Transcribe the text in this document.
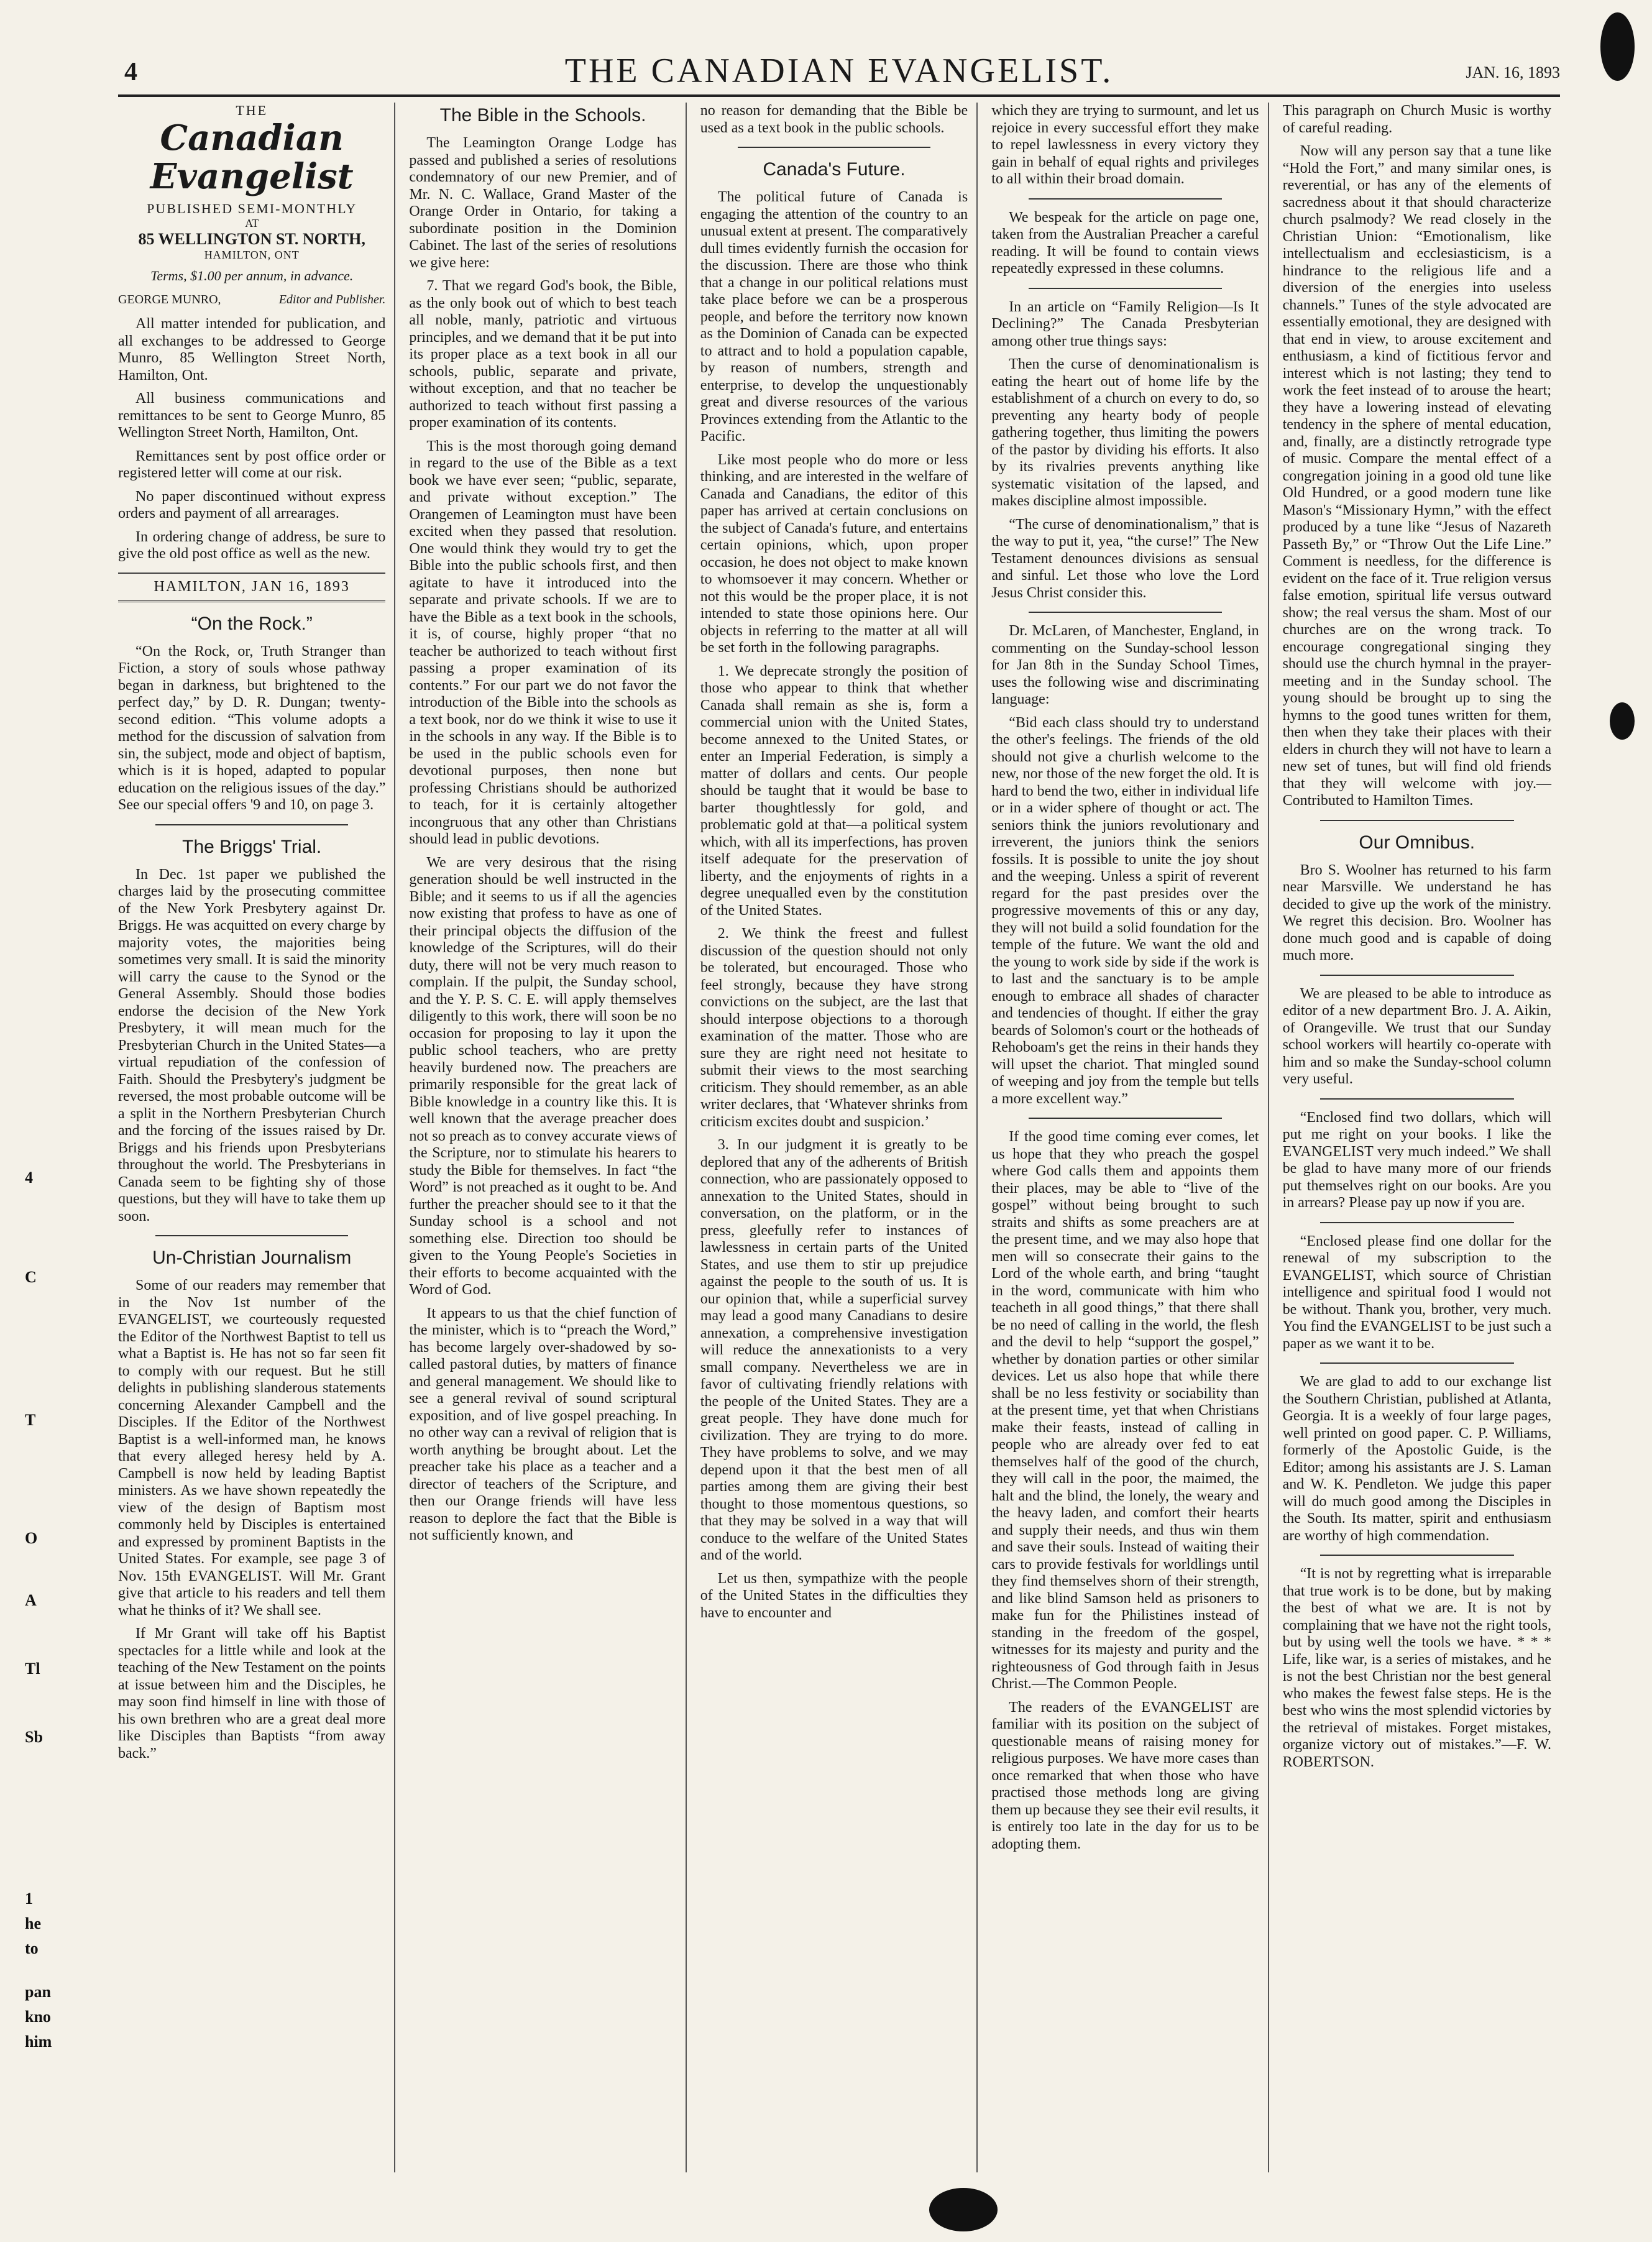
4
C
T
O
A
Tl
Sb
1
he
to
pan
kno
him
4	THE CANADIAN EVANGELIST.	JAN. 16, 1893
THE
Canadian Evangelist
PUBLISHED SEMI-MONTHLY
AT
85 WELLINGTON ST. NORTH,
HAMILTON, ONT
Terms, $1.00 per annum, in advance.
GEORGE MUNRO,	Editor and Publisher.

All matter intended for publication, and all exchanges to be addressed to George Munro, 85 Wellington Street North, Hamilton, Ont.

All business communications and remittances to be sent to George Munro, 85 Wellington Street North, Hamilton, Ont.

Remittances sent by post office order or registered letter will come at our risk.

No paper discontinued without express orders and payment of all arrearages.

In ordering change of address, be sure to give the old post office as well as the new.

HAMILTON, JAN 16, 1893
“On the Rock.”

“On the Rock, or, Truth Stranger than Fiction, a story of souls whose pathway began in darkness, but brightened to the perfect day,” by D. R. Dungan; twenty-second edition. “This volume adopts a method for the discussion of salvation from sin, the subject, mode and object of baptism, which is it is hoped, adapted to popular education on the religious issues of the day.” See our special offers '9 and 10, on page 3.

The Briggs' Trial.

In Dec. 1st paper we published the charges laid by the prosecuting committee of the New York Presbytery against Dr. Briggs. He was acquitted on every charge by majority votes, the majorities being sometimes very small. It is said the minority will carry the cause to the Synod or the General Assembly. Should those bodies endorse the decision of the New York Presbytery, it will mean much for the Presbyterian Church in the United States—a virtual repudiation of the confession of Faith. Should the Presbytery's judgment be reversed, the most probable outcome will be a split in the Northern Presbyterian Church and the forcing of the issues raised by Dr. Briggs and his friends upon Presbyterians throughout the world. The Presbyterians in Canada seem to be fighting shy of those questions, but they will have to take them up soon.

Un-Christian Journalism

Some of our readers may remember that in the Nov 1st number of the EVANGELIST, we courteously requested the Editor of the Northwest Baptist to tell us what a Baptist is. He has not so far seen fit to comply with our request. But he still delights in publishing slanderous statements concerning Alexander Campbell and the Disciples. If the Editor of the Northwest Baptist is a well-informed man, he knows that every alleged heresy held by A. Campbell is now held by leading Baptist ministers. As we have shown repeatedly the view of the design of Baptism most commonly held by Disciples is entertained and expressed by prominent Baptists in the United States. For example, see page 3 of Nov. 15th EVANGELIST. Will Mr. Grant give that article to his readers and tell them what he thinks of it? We shall see.

If Mr Grant will take off his Baptist spectacles for a little while and look at the teaching of the New Testament on the points at issue between him and the Disciples, he may soon find himself in line with those of his own brethren who are a great deal more like Disciples than Baptists “from away back.”

The Bible in the Schools.

The Leamington Orange Lodge has passed and published a series of resolutions condemnatory of our new Premier, and of Mr. N. C. Wallace, Grand Master of the Orange Order in Ontario, for taking a subordinate position in the Dominion Cabinet. The last of the series of resolutions we give here:

7. That we regard God's book, the Bible, as the only book out of which to best teach all noble, manly, patriotic and virtuous principles, and we demand that it be put into its proper place as a text book in all our schools, public, separate and private, without exception, and that no teacher be authorized to teach without first passing a proper examination of its contents.

This is the most thorough going demand in regard to the use of the Bible as a text book we have ever seen; “public, separate, and private without exception.” The Orangemen of Leamington must have been excited when they passed that resolution. One would think they would try to get the Bible into the public schools first, and then agitate to have it introduced into the separate and private schools. If we are to have the Bible as a text book in the schools, it is, of course, highly proper “that no teacher be authorized to teach without first passing a proper examination of its contents.” For our part we do not favor the introduction of the Bible into the schools as a text book, nor do we think it wise to use it in the schools in any way. If the Bible is to be used in the public schools even for devotional purposes, then none but professing Christians should be authorized to teach, for it is certainly altogether incongruous that any other than Christians should lead in public devotions.

We are very desirous that the rising generation should be well instructed in the Bible; and it seems to us if all the agencies now existing that profess to have as one of their principal objects the diffusion of the knowledge of the Scriptures, will do their duty, there will not be very much reason to complain. If the pulpit, the Sunday school, and the Y. P. S. C. E. will apply themselves diligently to this work, there will soon be no occasion for proposing to lay it upon the public school teachers, who are pretty heavily burdened now. The preachers are primarily responsible for the great lack of Bible knowledge in a country like this. It is well known that the average preacher does not so preach as to convey accurate views of the Scripture, nor to stimulate his hearers to study the Bible for themselves. In fact “the Word” is not preached as it ought to be. And further the preacher should see to it that the Sunday school is a school and not something else. Direction too should be given to the Young People's Societies in their efforts to become acquainted with the Word of God.

It appears to us that the chief function of the minister, which is to “preach the Word,” has become largely over-shadowed by so-called pastoral duties, by matters of finance and general management. We should like to see a general revival of sound scriptural exposition, and of live gospel preaching. In no other way can a revival of religion that is worth anything be brought about. Let the preacher take his place as a teacher and a director of teachers of the Scripture, and then our Orange friends will have less reason to deplore the fact that the Bible is not sufficiently known, and

no reason for demanding that the Bible be used as a text book in the public schools.

Canada's Future.

The political future of Canada is engaging the attention of the country to an unusual extent at present. The comparatively dull times evidently furnish the occasion for the discussion. There are those who think that a change in our political relations must take place before we can be a prosperous people, and before the territory now known as the Dominion of Canada can be expected to attract and to hold a population capable, by reason of numbers, strength and enterprise, to develop the unquestionably great and diverse resources of the various Provinces extending from the Atlantic to the Pacific.

Like most people who do more or less thinking, and are interested in the welfare of Canada and Canadians, the editor of this paper has arrived at certain conclusions on the subject of Canada's future, and entertains certain opinions, which, upon proper occasion, he does not object to make known to whomsoever it may concern. Whether or not this would be the proper place, it is not intended to state those opinions here. Our objects in referring to the matter at all will be set forth in the following paragraphs.

1. We deprecate strongly the position of those who appear to think that whether Canada shall remain as she is, form a commercial union with the United States, become annexed to the United States, or enter an Imperial Federation, is simply a matter of dollars and cents. Our people should be taught that it would be base to barter thoughtlessly for gold, and problematic gold at that—a political system which, with all its imperfections, has proven itself adequate for the preservation of liberty, and the enjoyments of rights in a degree unequalled even by the constitution of the United States.

2. We think the freest and fullest discussion of the question should not only be tolerated, but encouraged. Those who feel strongly, because they have strong convictions on the subject, are the last that should interpose objections to a thorough examination of the matter. Those who are sure they are right need not hesitate to submit their views to the most searching criticism. They should remember, as an able writer declares, that ‘Whatever shrinks from criticism excites doubt and suspicion.’

3. In our judgment it is greatly to be deplored that any of the adherents of British connection, who are passionately opposed to annexation to the United States, should in conversation, on the platform, or in the press, gleefully refer to instances of lawlessness in certain parts of the United States, and use them to stir up prejudice against the people to the south of us. It is our opinion that, while a superficial survey may lead a good many Canadians to desire annexation, a comprehensive investigation will reduce the annexationists to a very small company. Nevertheless we are in favor of cultivating friendly relations with the people of the United States. They are a great people. They have done much for civilization. They are trying to do more. They have problems to solve, and we may depend upon it that the best men of all parties among them are giving their best thought to those momentous questions, so that they may be solved in a way that will conduce to the welfare of the United States and of the world.

Let us then, sympathize with the people of the United States in the difficulties they have to encounter and

which they are trying to surmount, and let us rejoice in every successful effort they make to repel lawlessness in every victory they gain in behalf of equal rights and privileges to all within their broad domain.

We bespeak for the article on page one, taken from the Australian Preacher a careful reading. It will be found to contain views repeatedly expressed in these columns.

In an article on “Family Religion—Is It Declining?” The Canada Presbyterian among other true things says:

Then the curse of denominationalism is eating the heart out of home life by the establishment of a church on every to do, so preventing any hearty body of people gathering together, thus limiting the powers of the pastor by dividing his efforts. It also by its rivalries prevents anything like systematic visitation of the lapsed, and makes discipline almost impossible.

“The curse of denominationalism,” that is the way to put it, yea, “the curse!” The New Testament denounces divisions as sensual and sinful. Let those who love the Lord Jesus Christ consider this.

Dr. McLaren, of Manchester, England, in commenting on the Sunday-school lesson for Jan 8th in the Sunday School Times, uses the following wise and discriminating language:

“Bid each class should try to understand the other's feelings. The friends of the old should not give a churlish welcome to the new, nor those of the new forget the old. It is hard to bend the two, either in individual life or in a wider sphere of thought or act. The seniors think the juniors revolutionary and irreverent, the juniors think the seniors fossils. It is possible to unite the joy shout and the weeping. Unless a spirit of reverent regard for the past presides over the progressive movements of this or any day, they will not build a solid foundation for the temple of the future. We want the old and the young to work side by side if the work is to last and the sanctuary is to be ample enough to embrace all shades of character and tendencies of thought. If either the gray beards of Solomon's court or the hotheads of Rehoboam's get the reins in their hands they will upset the chariot. That mingled sound of weeping and joy from the temple but tells a more excellent way.”

If the good time coming ever comes, let us hope that they who preach the gospel where God calls them and appoints them their places, may be able to “live of the gospel” without being brought to such straits and shifts as some preachers are at the present time, and we may also hope that men will so consecrate their gains to the Lord of the whole earth, and bring “taught in the word, communicate with him who teacheth in all good things,” that there shall be no need of calling in the world, the flesh and the devil to help “support the gospel,” whether by donation parties or other similar devices. Let us also hope that while there shall be no less festivity or sociability than at the present time, yet that when Christians make their feasts, instead of calling in people who are already over fed to eat themselves half of the good of the church, they will call in the poor, the maimed, the halt and the blind, the lonely, the weary and the heavy laden, and comfort their hearts and supply their needs, and thus win them and save their souls. Instead of waiting their cars to provide festivals for worldlings until they find themselves shorn of their strength, and like blind Samson held as prisoners to make fun for the Philistines instead of standing in the freedom of the gospel, witnesses for its majesty and purity and the righteousness of God through faith in Jesus Christ.—The Common People.

The readers of the EVANGELIST are familiar with its position on the subject of questionable means of raising money for religious purposes. We have more cases than once remarked that when those who have practised those methods long are giving them up because they see their evil results, it is entirely too late in the day for us to be adopting them.

This paragraph on Church Music is worthy of careful reading.

Now will any person say that a tune like “Hold the Fort,” and many similar ones, is reverential, or has any of the elements of sacredness about it that should characterize church psalmody? We read closely in the Christian Union: “Emotionalism, like intellectualism and ecclesiasticism, is a hindrance to the religious life and a diversion of the energies into useless channels.” Tunes of the style advocated are essentially emotional, they are designed with that end in view, to arouse excitement and enthusiasm, a kind of fictitious fervor and interest which is not lasting; they tend to work the feet instead of to arouse the heart; they have a lowering instead of elevating tendency in the sphere of mental education, and, finally, are a distinctly retrograde type of music. Compare the mental effect of a congregation joining in a good old tune like Old Hundred, or a good modern tune like Mason's “Missionary Hymn,” with the effect produced by a tune like “Jesus of Nazareth Passeth By,” or “Throw Out the Life Line.” Comment is needless, for the difference is evident on the face of it. True religion versus false emotion, spiritual life versus outward show; the real versus the sham. Most of our churches are on the wrong track. To encourage congregational singing they should use the church hymnal in the prayer-meeting and in the Sunday school. The young should be brought up to sing the hymns to the good tunes written for them, then when they take their places with their elders in church they will not have to learn a new set of tunes, but will find old friends that they will welcome with joy.—Contributed to Hamilton Times.

Our Omnibus.

Bro S. Woolner has returned to his farm near Marsville. We understand he has decided to give up the work of the ministry. We regret this decision. Bro. Woolner has done much good and is capable of doing much more.

We are pleased to be able to introduce as editor of a new department Bro. J. A. Aikin, of Orangeville. We trust that our Sunday school workers will heartily co-operate with him and so make the Sunday-school column very useful.

“Enclosed find two dollars, which will put me right on your books. I like the EVANGELIST very much indeed.” We shall be glad to have many more of our friends put themselves right on our books. Are you in arrears? Please pay up now if you are.

“Enclosed please find one dollar for the renewal of my subscription to the EVANGELIST, which source of Christian intelligence and spiritual food I would not be without. Thank you, brother, very much. You find the EVANGELIST to be just such a paper as we want it to be.

We are glad to add to our exchange list the Southern Christian, published at Atlanta, Georgia. It is a weekly of four large pages, well printed on good paper. C. P. Williams, formerly of the Apostolic Guide, is the Editor; among his assistants are J. S. Laman and W. K. Pendleton. We judge this paper will do much good among the Disciples in the South. Its matter, spirit and enthusiasm are worthy of high commendation.

“It is not by regretting what is irreparable that true work is to be done, but by making the best of what we are. It is not by complaining that we have not the right tools, but by using well the tools we have. * * * Life, like war, is a series of mistakes, and he is not the best Christian nor the best general who makes the fewest false steps. He is the best who wins the most splendid victories by the retrieval of mistakes. Forget mistakes, organize victory out of mistakes.”—F. W. ROBERTSON.
